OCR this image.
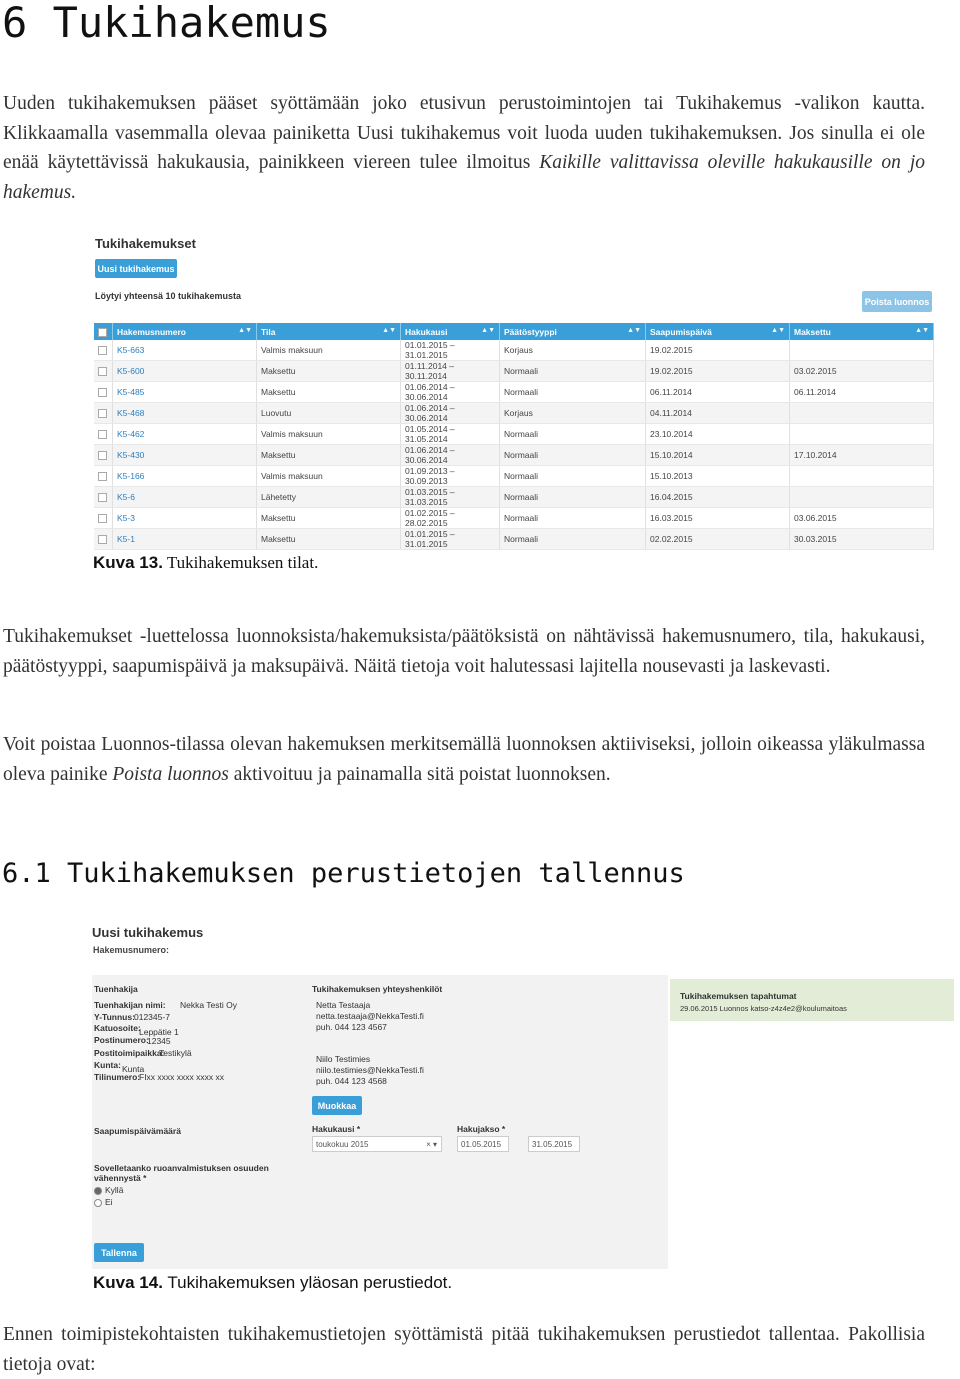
6 Tukihakemus

Uuden tukihakemuksen pääset syöttämään joko etusivun perustoimintojen tai Tukihakemus -valikon kautta. Klikkaamalla vasemmalla olevaa painiketta Uusi tukihakemus voit luoda uuden tukihakemuksen. Jos sinulla ei ole enää käytettävissä hakukausia, painikkeen viereen tulee ilmoitus Kaikille valittavissa oleville hakukausille on jo hakemus.

Tukihakemukset
Uusi tukihakemus
Löytyi yhteensä 10 tukihakemusta
Poista luonnos
	Hakemusnumero ▲▼	Tila ▲▼	Hakukausi ▲▼	Päätöstyyppi ▲▼	Saapumispäivä ▲▼	Maksettu ▲▼

	K5-663	Valmis maksuun	01.01.2015 – 31.01.2015	Korjaus	19.02.2015	
	K5-600	Maksettu	01.11.2014 – 30.11.2014	Normaali	19.02.2015	03.02.2015
	K5-485	Maksettu	01.06.2014 – 30.06.2014	Normaali	06.11.2014	06.11.2014
	K5-468	Luovutu	01.06.2014 – 30.06.2014	Korjaus	04.11.2014	
	K5-462	Valmis maksuun	01.05.2014 – 31.05.2014	Normaali	23.10.2014	
	K5-430	Maksettu	01.06.2014 – 30.06.2014	Normaali	15.10.2014	17.10.2014
	K5-166	Valmis maksuun	01.09.2013 – 30.09.2013	Normaali	15.10.2013	
	K5-6	Lähetetty	01.03.2015 – 31.03.2015	Normaali	16.04.2015	
	K5-3	Maksettu	01.02.2015 – 28.02.2015	Normaali	16.03.2015	03.06.2015
	K5-1	Maksettu	01.01.2015 – 31.01.2015	Normaali	02.02.2015	30.03.2015
Kuva 13. Tukihakemuksen tilat.

Tukihakemukset -luettelossa luonnoksista/hakemuksista/päätöksistä on nähtävissä hakemusnumero, tila, hakukausi, päätöstyyppi, saapumispäivä ja maksupäivä. Näitä tietoja voit halutessasi lajitella nousevasti ja laskevasti.

Voit poistaa Luonnos-tilassa olevan hakemuksen merkitsemällä luonnoksen aktiiviseksi, jolloin oikeassa yläkulmassa oleva painike Poista luonnos aktivoituu ja painamalla sitä poistat luonnoksen.

6.1 Tukihakemuksen perustietojen tallennus
Uusi tukihakemus
Hakemusnumero:
Tuenhakija
Tuenhakijan nimi: Nekka Testi Oy
Y-Tunnus: 012345-7
Katuosoite:
Leppätie 1
Postinumero:
12345
Postitoimipaikka:
Testikylä
Kunta: Kunta
Tilinumero:
FIxx xxxx xxxx xxxx xx
Tukihakemuksen yhteyshenkilöt
Netta Testaaja
netta.testaaja@NekkaTesti.fi
puh. 044 123 4567
Niilo Testimies
niilo.testimies@NekkaTesti.fi
puh. 044 123 4568
Muokkaa
Saapumispäivämäärä	Hakukausi *
toukokuu 2015	× ▾
Hakujakso *
01.05.2015	31.05.2015
Sovelletaanko ruoanvalmistuksen osuuden vähennystä *
Kyllä
Ei
Tukihakemuksen tapahtumat
29.06.2015 Luonnos katso-z4z4e2@koulumaitoas
Tallenna
Kuva 14. Tukihakemuksen yläosan perustiedot.

Ennen toimipistekohtaisten tukihakemustietojen syöttämistä pitää tukihakemuksen perustiedot tallentaa. Pakollisia tietoja ovat:
